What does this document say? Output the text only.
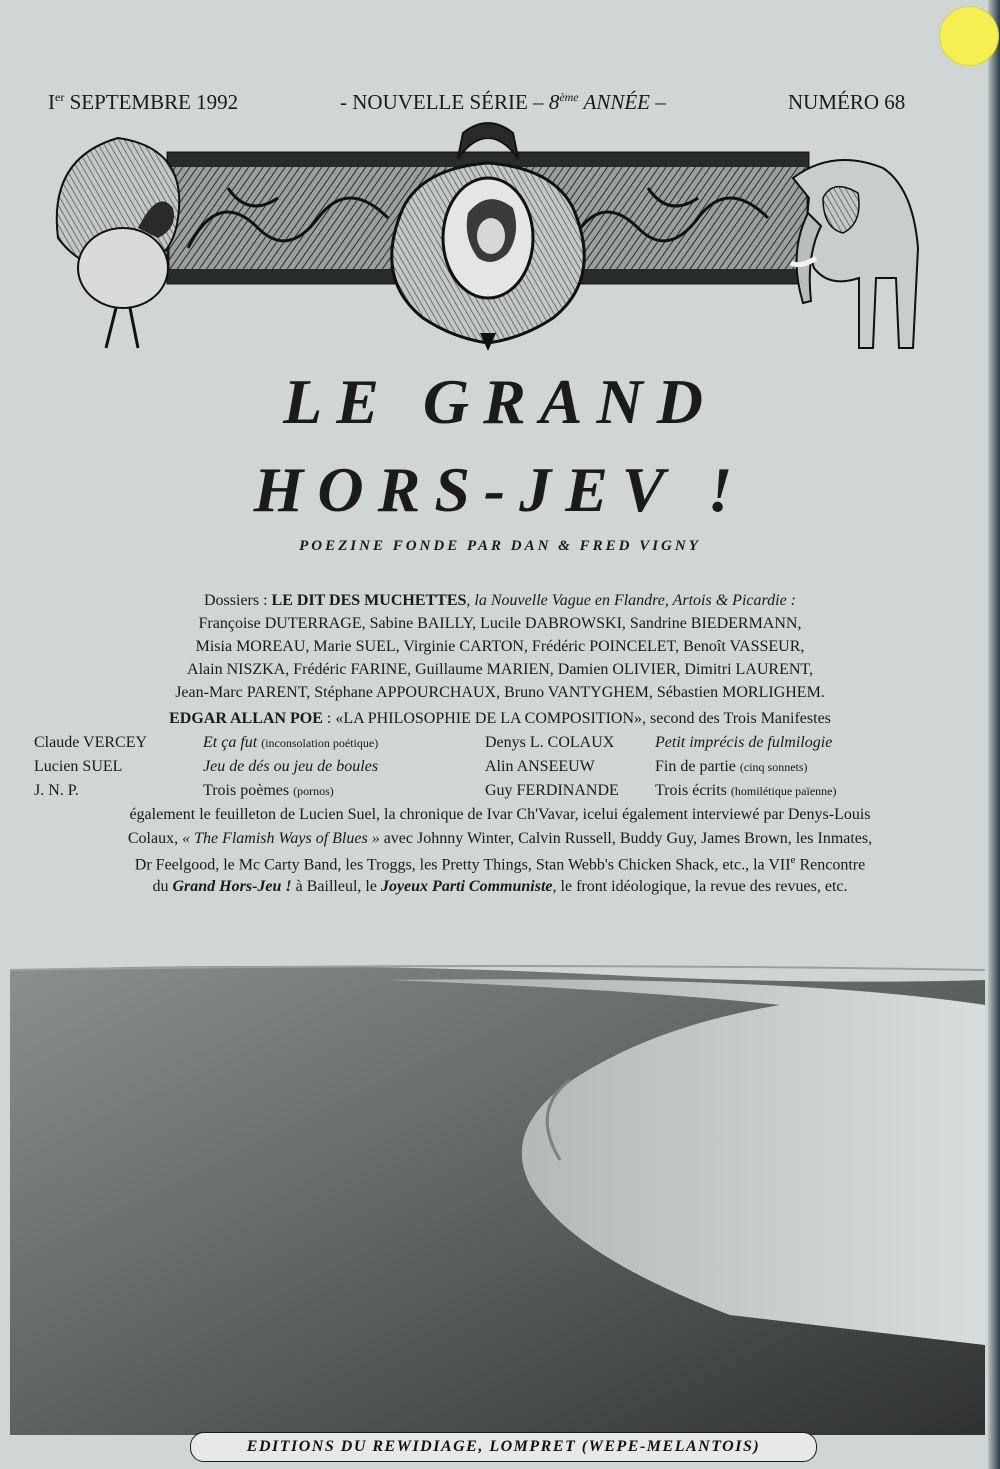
Ier SEPTEMBRE 1992	- NOUVELLE SÉRIE – 8ème ANNÉE –	NUMÉRO 68
LE GRAND
HORS-JEV !
POEZINE FONDE PAR DAN & FRED VIGNY
Dossiers : LE DIT DES MUCHETTES, la Nouvelle Vague en Flandre, Artois & Picardie :
Françoise DUTERRAGE, Sabine BAILLY, Lucile DABROWSKI, Sandrine BIEDERMANN,
Misia MOREAU, Marie SUEL, Virginie CARTON, Frédéric POINCELET, Benoît VASSEUR,
Alain NISZKA, Frédéric FARINE, Guillaume MARIEN, Damien OLIVIER, Dimitri LAURENT,
Jean-Marc PARENT, Stéphane APPOURCHAUX, Bruno VANTYGHEM, Sébastien MORLIGHEM.
EDGAR ALLAN POE : «LA PHILOSOPHIE DE LA COMPOSITION», second des Trois Manifestes
Claude VERCEY	Et ça fut (inconsolation poétique)	Denys L. COLAUX	Petit imprécis de fulmilogie
Lucien SUEL	Jeu de dés ou jeu de boules	Alin ANSEEUW	Fin de partie (cinq sonnets)
J. N. P.	Trois poèmes (pornos)	Guy FERDINANDE Trois écrits (homilétique païenne)
également le feuilleton de Lucien Suel, la chronique de Ivar Ch'Vavar, icelui également interviewé par Denys-Louis
Colaux, « The Flamish Ways of Blues » avec Johnny Winter, Calvin Russell, Buddy Guy, James Brown, les Inmates,
Dr Feelgood, le Mc Carty Band, les Troggs, les Pretty Things, Stan Webb's Chicken Shack, etc., la VIIe Rencontre
du Grand Hors-Jeu ! à Bailleul, le Joyeux Parti Communiste, le front idéologique, la revue des revues, etc.
EDITIONS DU REWIDIAGE, LOMPRET (WEPE-MELANTOIS)
